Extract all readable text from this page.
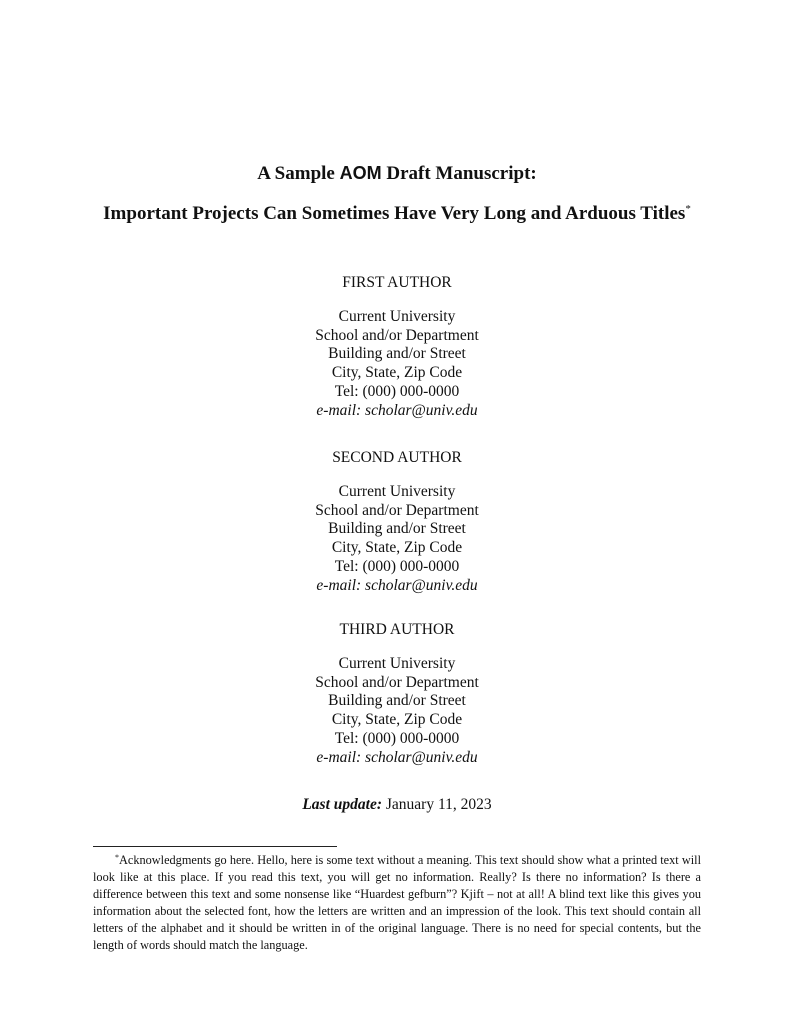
A Sample AOM Draft Manuscript:
Important Projects Can Sometimes Have Very Long and Arduous Titles*
FIRST AUTHOR
Current University
School and/or Department
Building and/or Street
City, State, Zip Code
Tel: (000) 000-0000
e-mail: scholar@univ.edu
SECOND AUTHOR
Current University
School and/or Department
Building and/or Street
City, State, Zip Code
Tel: (000) 000-0000
e-mail: scholar@univ.edu
THIRD AUTHOR
Current University
School and/or Department
Building and/or Street
City, State, Zip Code
Tel: (000) 000-0000
e-mail: scholar@univ.edu
Last update: January 11, 2023
*Acknowledgments go here. Hello, here is some text without a meaning. This text should show what a printed text will look like at this place. If you read this text, you will get no information. Really? Is there no information? Is there a difference between this text and some nonsense like “Huardest gefburn”? Kjift – not at all! A blind text like this gives you information about the selected font, how the letters are written and an impression of the look. This text should contain all letters of the alphabet and it should be written in of the original language. There is no need for special contents, but the length of words should match the language.
